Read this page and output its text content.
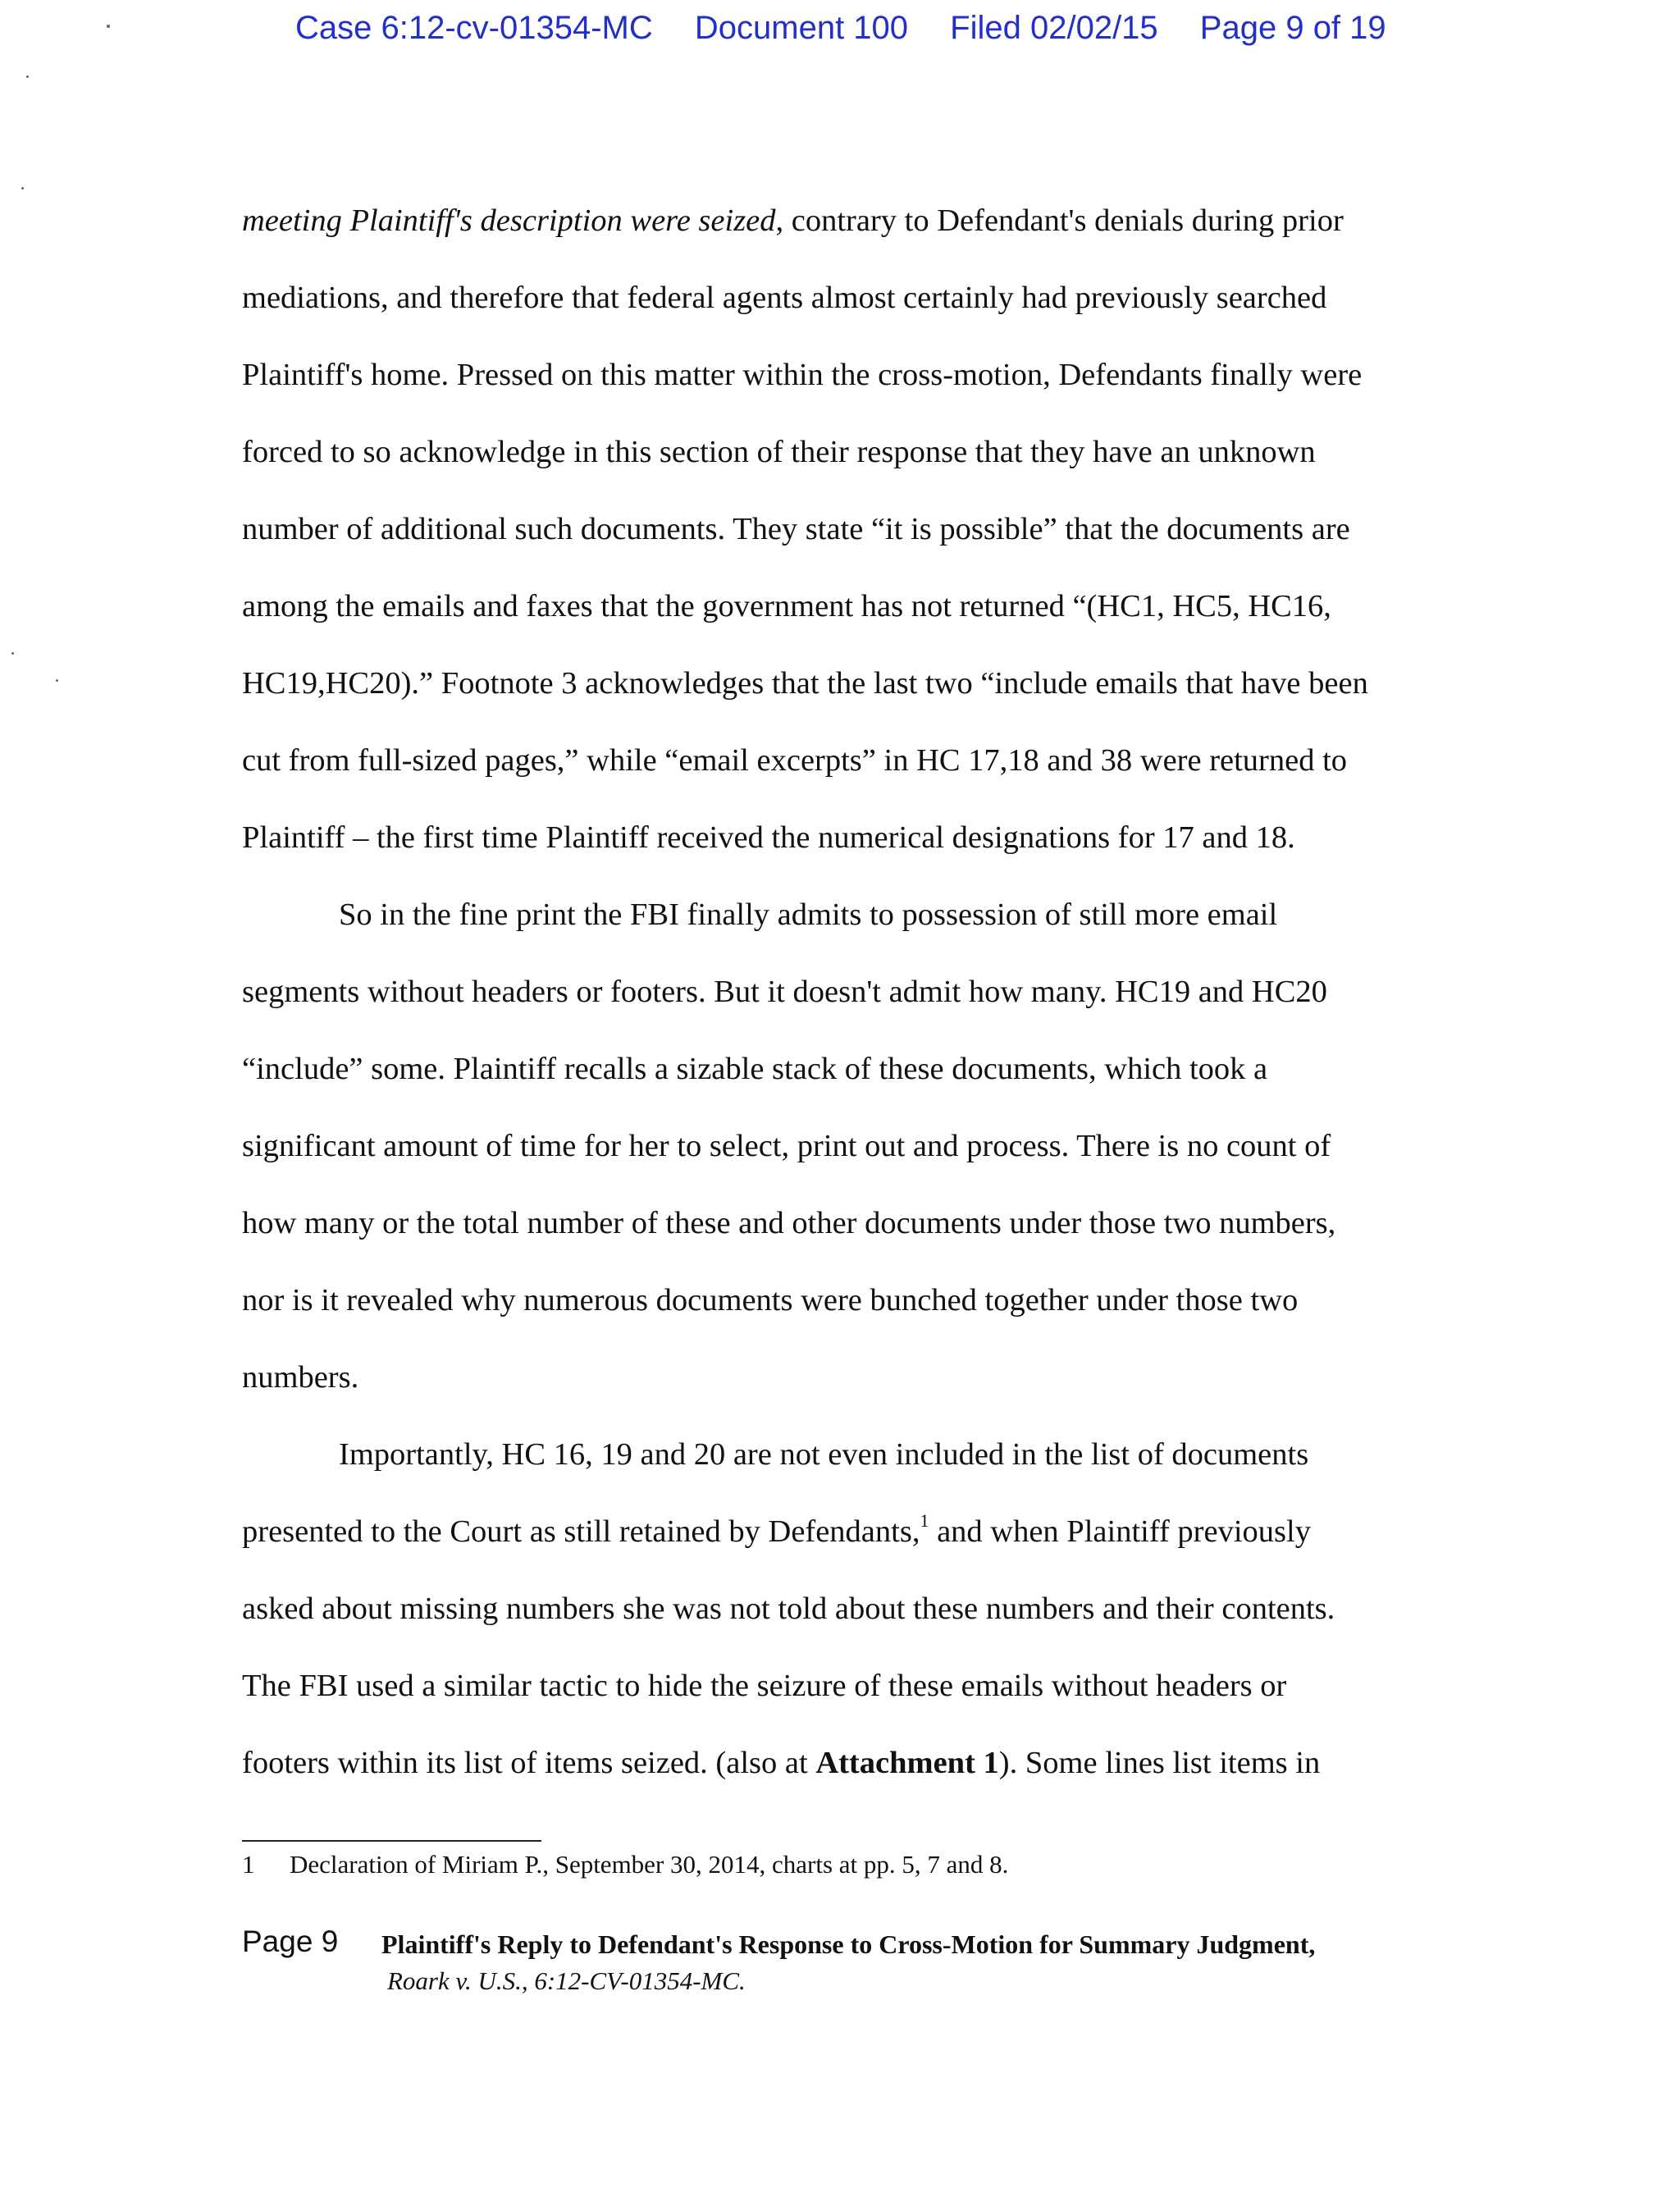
Case 6:12-cv-01354-MC Document 100 Filed 02/02/15 Page 9 of 19
meeting Plaintiff's description were seized, contrary to Defendant's denials during prior
mediations, and therefore that federal agents almost certainly had previously searched
Plaintiff's home. Pressed on this matter within the cross-motion, Defendants finally were
forced to so acknowledge in this section of their response that they have an unknown
number of additional such documents. They state “it is possible” that the documents are
among the emails and faxes that the government has not returned “(HC1, HC5, HC16,
HC19,HC20).” Footnote 3 acknowledges that the last two “include emails that have been
cut from full-sized pages,” while “email excerpts” in HC 17,18 and 38 were returned to
Plaintiff – the first time Plaintiff received the numerical designations for 17 and 18.
So in the fine print the FBI finally admits to possession of still more email
segments without headers or footers. But it doesn't admit how many. HC19 and HC20
“include” some. Plaintiff recalls a sizable stack of these documents, which took a
significant amount of time for her to select, print out and process. There is no count of
how many or the total number of these and other documents under those two numbers,
nor is it revealed why numerous documents were bunched together under those two
numbers.
Importantly, HC 16, 19 and 20 are not even included in the list of documents
presented to the Court as still retained by Defendants,$^1$ and when Plaintiff previously
asked about missing numbers she was not told about these numbers and their contents.
The FBI used a similar tactic to hide the seizure of these emails without headers or
footers within its list of items seized. (also at Attachment 1). Some lines list items in
1 Declaration of Miriam P., September 30, 2014, charts at pp. 5, 7 and 8.
Page 9 Plaintiff's Reply to Defendant's Response to Cross-Motion for Summary Judgment,
Roark v. U.S., 6:12-CV-01354-MC.
